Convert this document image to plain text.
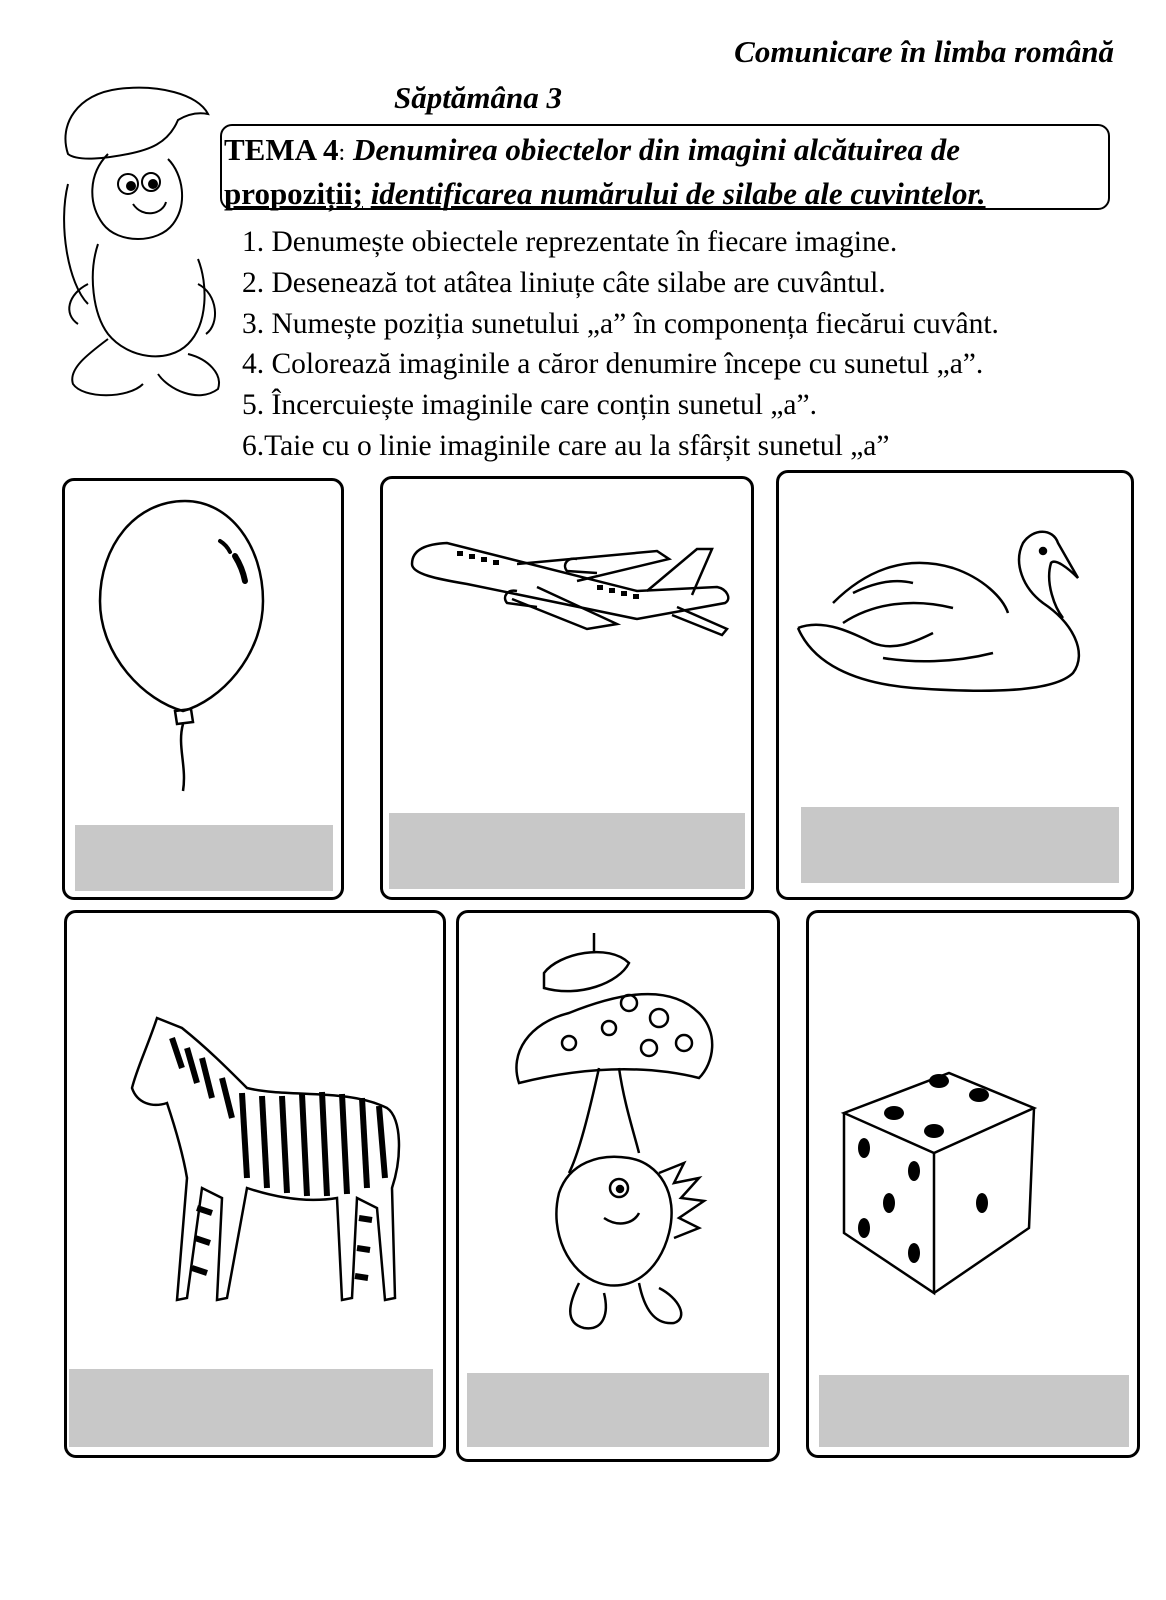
Comunicare în limba română
Săptămâna 3
TEMA 4: Denumirea obiectelor din imagini alcătuirea de
propoziții; identificarea numărului de silabe ale cuvintelor.
1. Denumește obiectele reprezentate în fiecare imagine.
2. Desenează tot atâtea liniuțe câte silabe are cuvântul.
3. Numește poziția sunetului „a” în componența fiecărui cuvânt.
4. Colorează imaginile a căror denumire începe cu sunetul „a”.
5. Încercuiește imaginile care conțin sunetul „a”.
6.Taie cu o linie imaginile care au la sfârșit sunetul „a”
